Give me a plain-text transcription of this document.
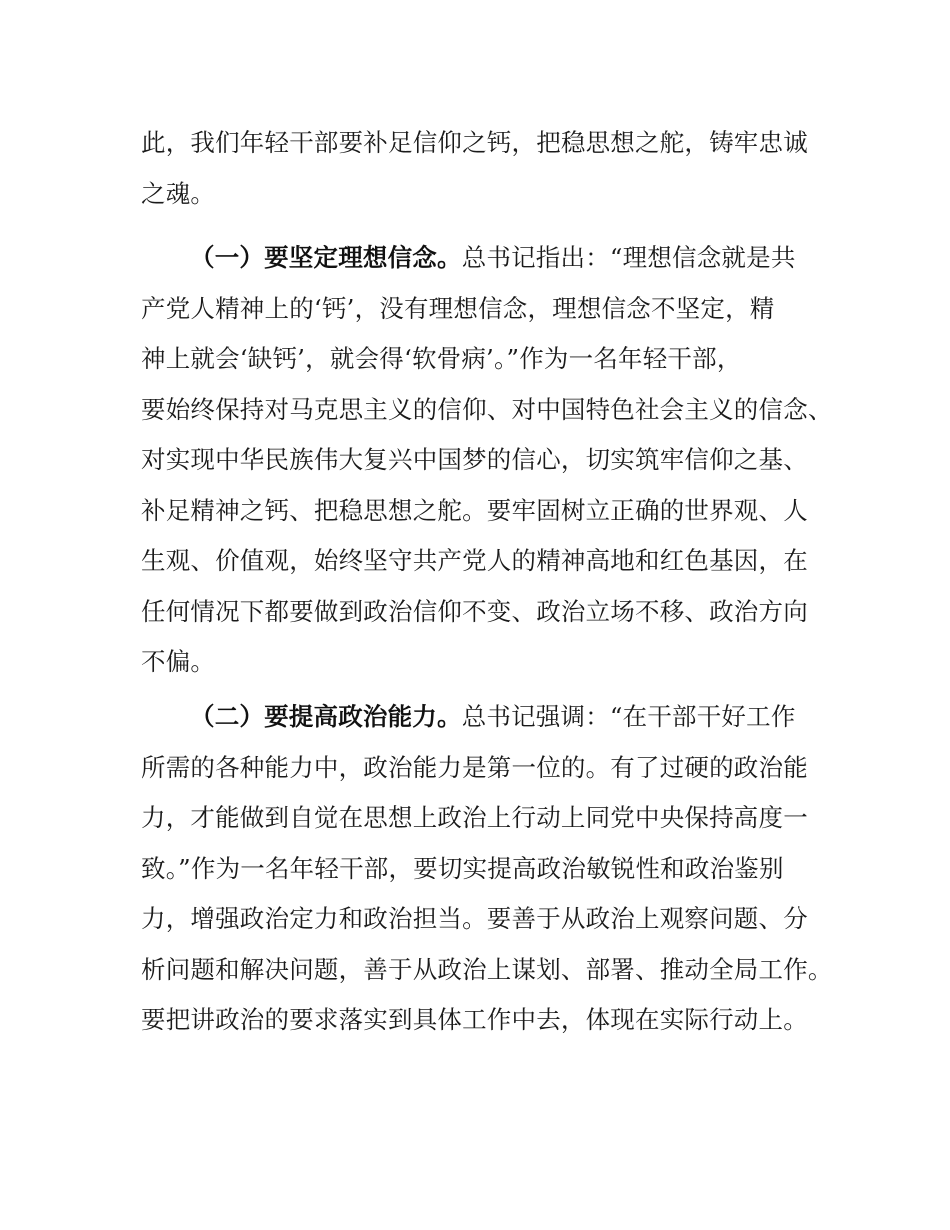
此，我们年轻干部要补足信仰之钙，把稳思想之舵，铸牢忠诚
之魂。
（一）要坚定理想信念。总书记指出：“理想信念就是共
产党人精神上的‘钙’，没有理想信念，理想信念不坚定，精
神上就会‘缺钙’，就会得‘软骨病’。”作为一名年轻干部，
要始终保持对马克思主义的信仰、对中国特色社会主义的信念、
对实现中华民族伟大复兴中国梦的信心，切实筑牢信仰之基、
补足精神之钙、把稳思想之舵。要牢固树立正确的世界观、人
生观、价值观，始终坚守共产党人的精神高地和红色基因，在
任何情况下都要做到政治信仰不变、政治立场不移、政治方向
不偏。
（二）要提高政治能力。总书记强调：“在干部干好工作
所需的各种能力中，政治能力是第一位的。有了过硬的政治能
力，才能做到自觉在思想上政治上行动上同党中央保持高度一
致。”作为一名年轻干部，要切实提高政治敏锐性和政治鉴别
力，增强政治定力和政治担当。要善于从政治上观察问题、分
析问题和解决问题，善于从政治上谋划、部署、推动全局工作。
要把讲政治的要求落实到具体工作中去，体现在实际行动上。
